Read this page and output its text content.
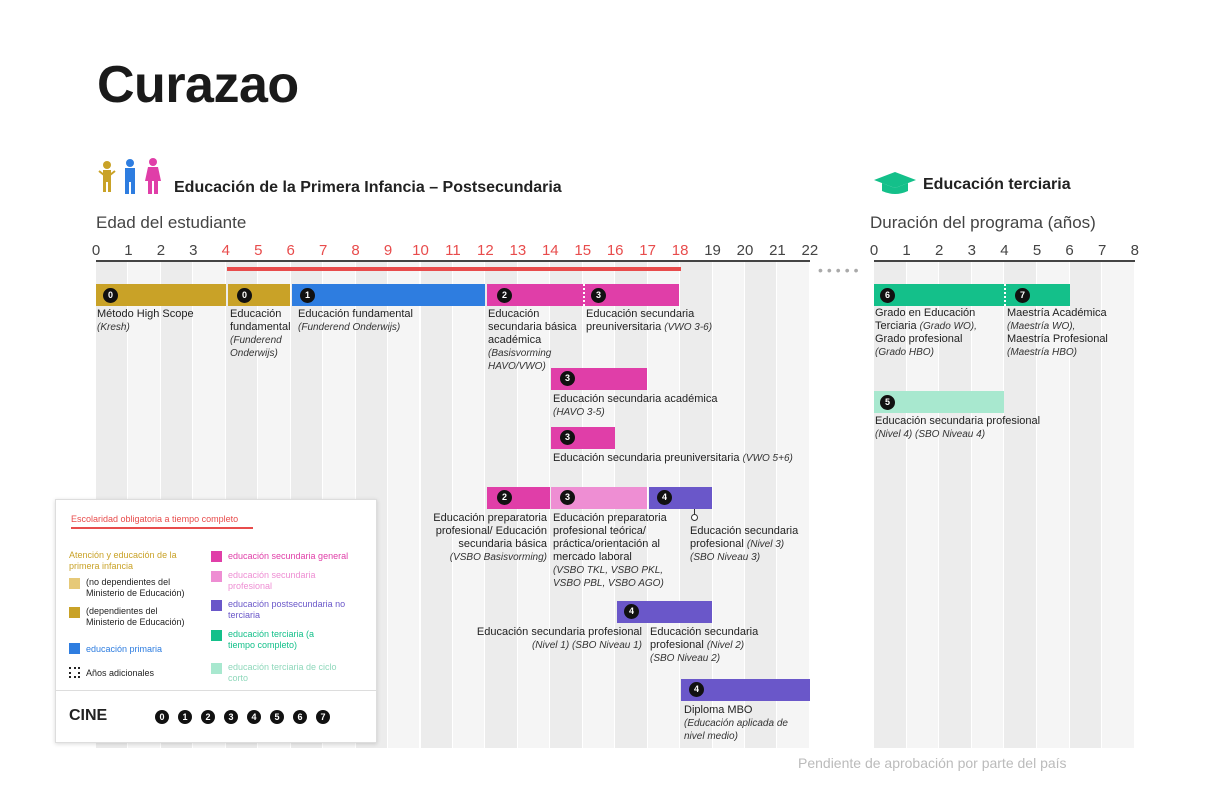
Curazao
Educación de la Primera Infancia – Postsecundaria	Educación terciaria
Edad del estudiante	Duración del programa (años)
0	1	2	3	4	5	6	7	8	9	10	11	12	13	14	15	16	17	18	19	20	21	22	0	1	2	3	4	5	6	7	8
•••••
0
Método High Scope
(Kresh)
0
Educación fundamental
(Funderend Onderwijs)
1
Educación fundamental
(Funderend Onderwijs)
2	3
Educación secundaria básica académica
(Basisvorming HAVO/VWO)
Educación secundaria preuniversitaria (VWO 3-6)
3
Educación secundaria académica
(HAVO 3-5)
3
Educación secundaria preuniversitaria (VWO 5+6)
2
Educación preparatoria profesional/ Educación secundaria básica
(VSBO Basisvorming)
3
Educación preparatoria profesional teórica/ práctica/orientación al mercado laboral
(VSBO TKL, VSBO PKL, VSBO PBL, VSBO AGO)
4
Educación secundaria profesional (Nivel 3) (SBO Niveau 3)
4
Educación secundaria profesional
(Nivel 1) (SBO Niveau 1)
Educación secundaria profesional (Nivel 2) (SBO Niveau 2)
4
Diploma MBO
(Educación aplicada de nivel medio)
6	7
Grado en Educación Terciaria (Grado WO),
Grado profesional
(Grado HBO)
Maestría Académica
(Maestría WO),
Maestría Profesional
(Maestría HBO)
5
Educación secundaria profesional
(Nivel 4) (SBO Niveau 4)
Escolaridad obligatoria a tiempo completo
Atención y educación de la primera infancia
(no dependientes del Ministerio de Educación)
(dependientes del Ministerio de Educación)
educación primaria
Años adicionales
educación secundaria general
educación secundaria profesional
educación postsecundaria no terciaria
educación terciaria (a tiempo completo)
educación terciaria de ciclo corto
CINE	0	1	2	3	4	5	6	7
Pendiente de aprobación por parte del país
